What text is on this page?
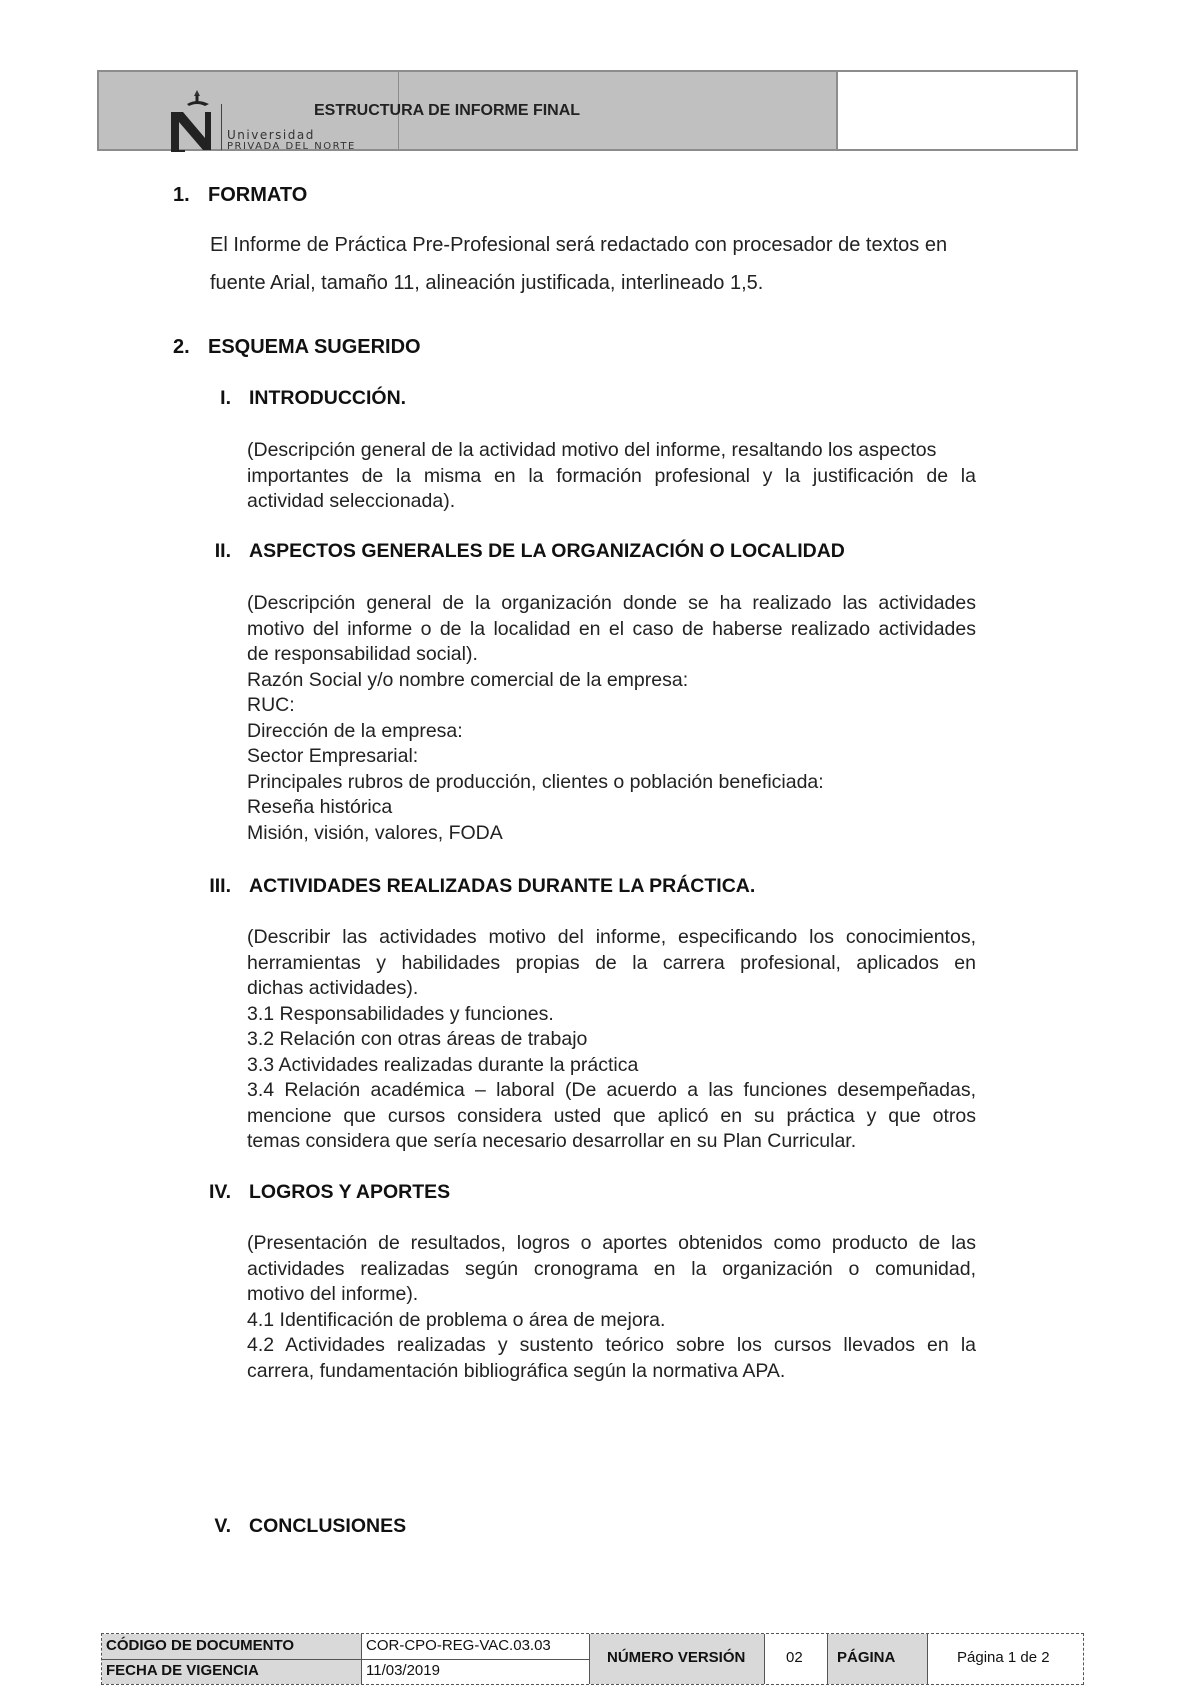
Universidad
PRIVADA DEL NORTE
ESTRUCTURA DE INFORME FINAL
1. FORMATO
El Informe de Práctica Pre-Profesional será redactado con procesador de textos en
fuente Arial, tamaño 11, alineación justificada, interlineado 1,5.
2. ESQUEMA SUGERIDO
I. INTRODUCCIÓN.
(Descripción general de la actividad motivo del informe, resaltando los aspectos
importantes de la misma en la formación profesional y la justificación de la
actividad seleccionada).
II. ASPECTOS GENERALES DE LA ORGANIZACIÓN O LOCALIDAD
(Descripción general de la organización donde se ha realizado las actividades
motivo del informe o de la localidad en el caso de haberse realizado actividades
de responsabilidad social).
Razón Social y/o nombre comercial de la empresa:
RUC:
Dirección de la empresa:
Sector Empresarial:
Principales rubros de producción, clientes o población beneficiada:
Reseña histórica
Misión, visión, valores, FODA
III. ACTIVIDADES REALIZADAS DURANTE LA PRÁCTICA.
(Describir las actividades motivo del informe, especificando los conocimientos,
herramientas y habilidades propias de la carrera profesional, aplicados en
dichas actividades).
3.1 Responsabilidades y funciones.
3.2 Relación con otras áreas de trabajo
3.3 Actividades realizadas durante la práctica
3.4 Relación académica – laboral (De acuerdo a las funciones desempeñadas,
mencione que cursos considera usted que aplicó en su práctica y que otros
temas considera que sería necesario desarrollar en su Plan Curricular.
IV. LOGROS Y APORTES
(Presentación de resultados, logros o aportes obtenidos como producto de las
actividades realizadas según cronograma en la organización o comunidad,
motivo del informe).
4.1 Identificación de problema o área de mejora.
4.2 Actividades realizadas y sustento teórico sobre los cursos llevados en la
carrera, fundamentación bibliográfica según la normativa APA.
V. CONCLUSIONES
CÓDIGO DE DOCUMENTO
FECHA DE VIGENCIA
COR-CPO-REG-VAC.03.03
11/03/2019
NÚMERO VERSIÓN	02 PÁGINA	Página 1 de 2
